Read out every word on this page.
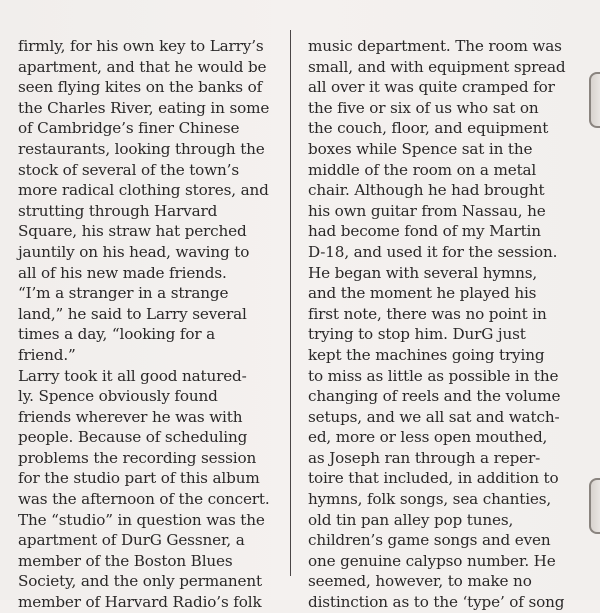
firmly, for his own key to Larry’s
apartment, and that he would be
seen flying kites on the banks of
the Charles River, eating in some
of Cambridge’s finer Chinese
restaurants, looking through the
stock of several of the town’s
more radical clothing stores, and
strutting through Harvard
Square, his straw hat perched
jauntily on his head, waving to
all of his new made friends.
“I’m a stranger in a strange
land,” he said to Larry several
times a day, “looking for a
friend.”
Larry took it all good natured-
ly. Spence obviously found
friends wherever he was with
people. Because of scheduling
problems the recording session
for the studio part of this album
was the afternoon of the concert.
The “studio” in question was the
apartment of DurG Gessner, a
member of the Boston Blues
Society, and the only permanent
member of Harvard Radio’s folk
music department. The room was
small, and with equipment spread
all over it was quite cramped for
the five or six of us who sat on
the couch, floor, and equipment
boxes while Spence sat in the
middle of the room on a metal
chair. Although he had brought
his own guitar from Nassau, he
had become fond of my Martin
D-18, and used it for the session.
He began with several hymns,
and the moment he played his
first note, there was no point in
trying to stop him. DurG just
kept the machines going trying
to miss as little as possible in the
changing of reels and the volume
setups, and we all sat and watch-
ed, more or less open mouthed,
as Joseph ran through a reper-
toire that included, in addition to
hymns, folk songs, sea chanties,
old tin pan alley pop tunes,
children’s game songs and even
one genuine calypso number. He
seemed, however, to make no
distinction as to the ‘type’ of song
